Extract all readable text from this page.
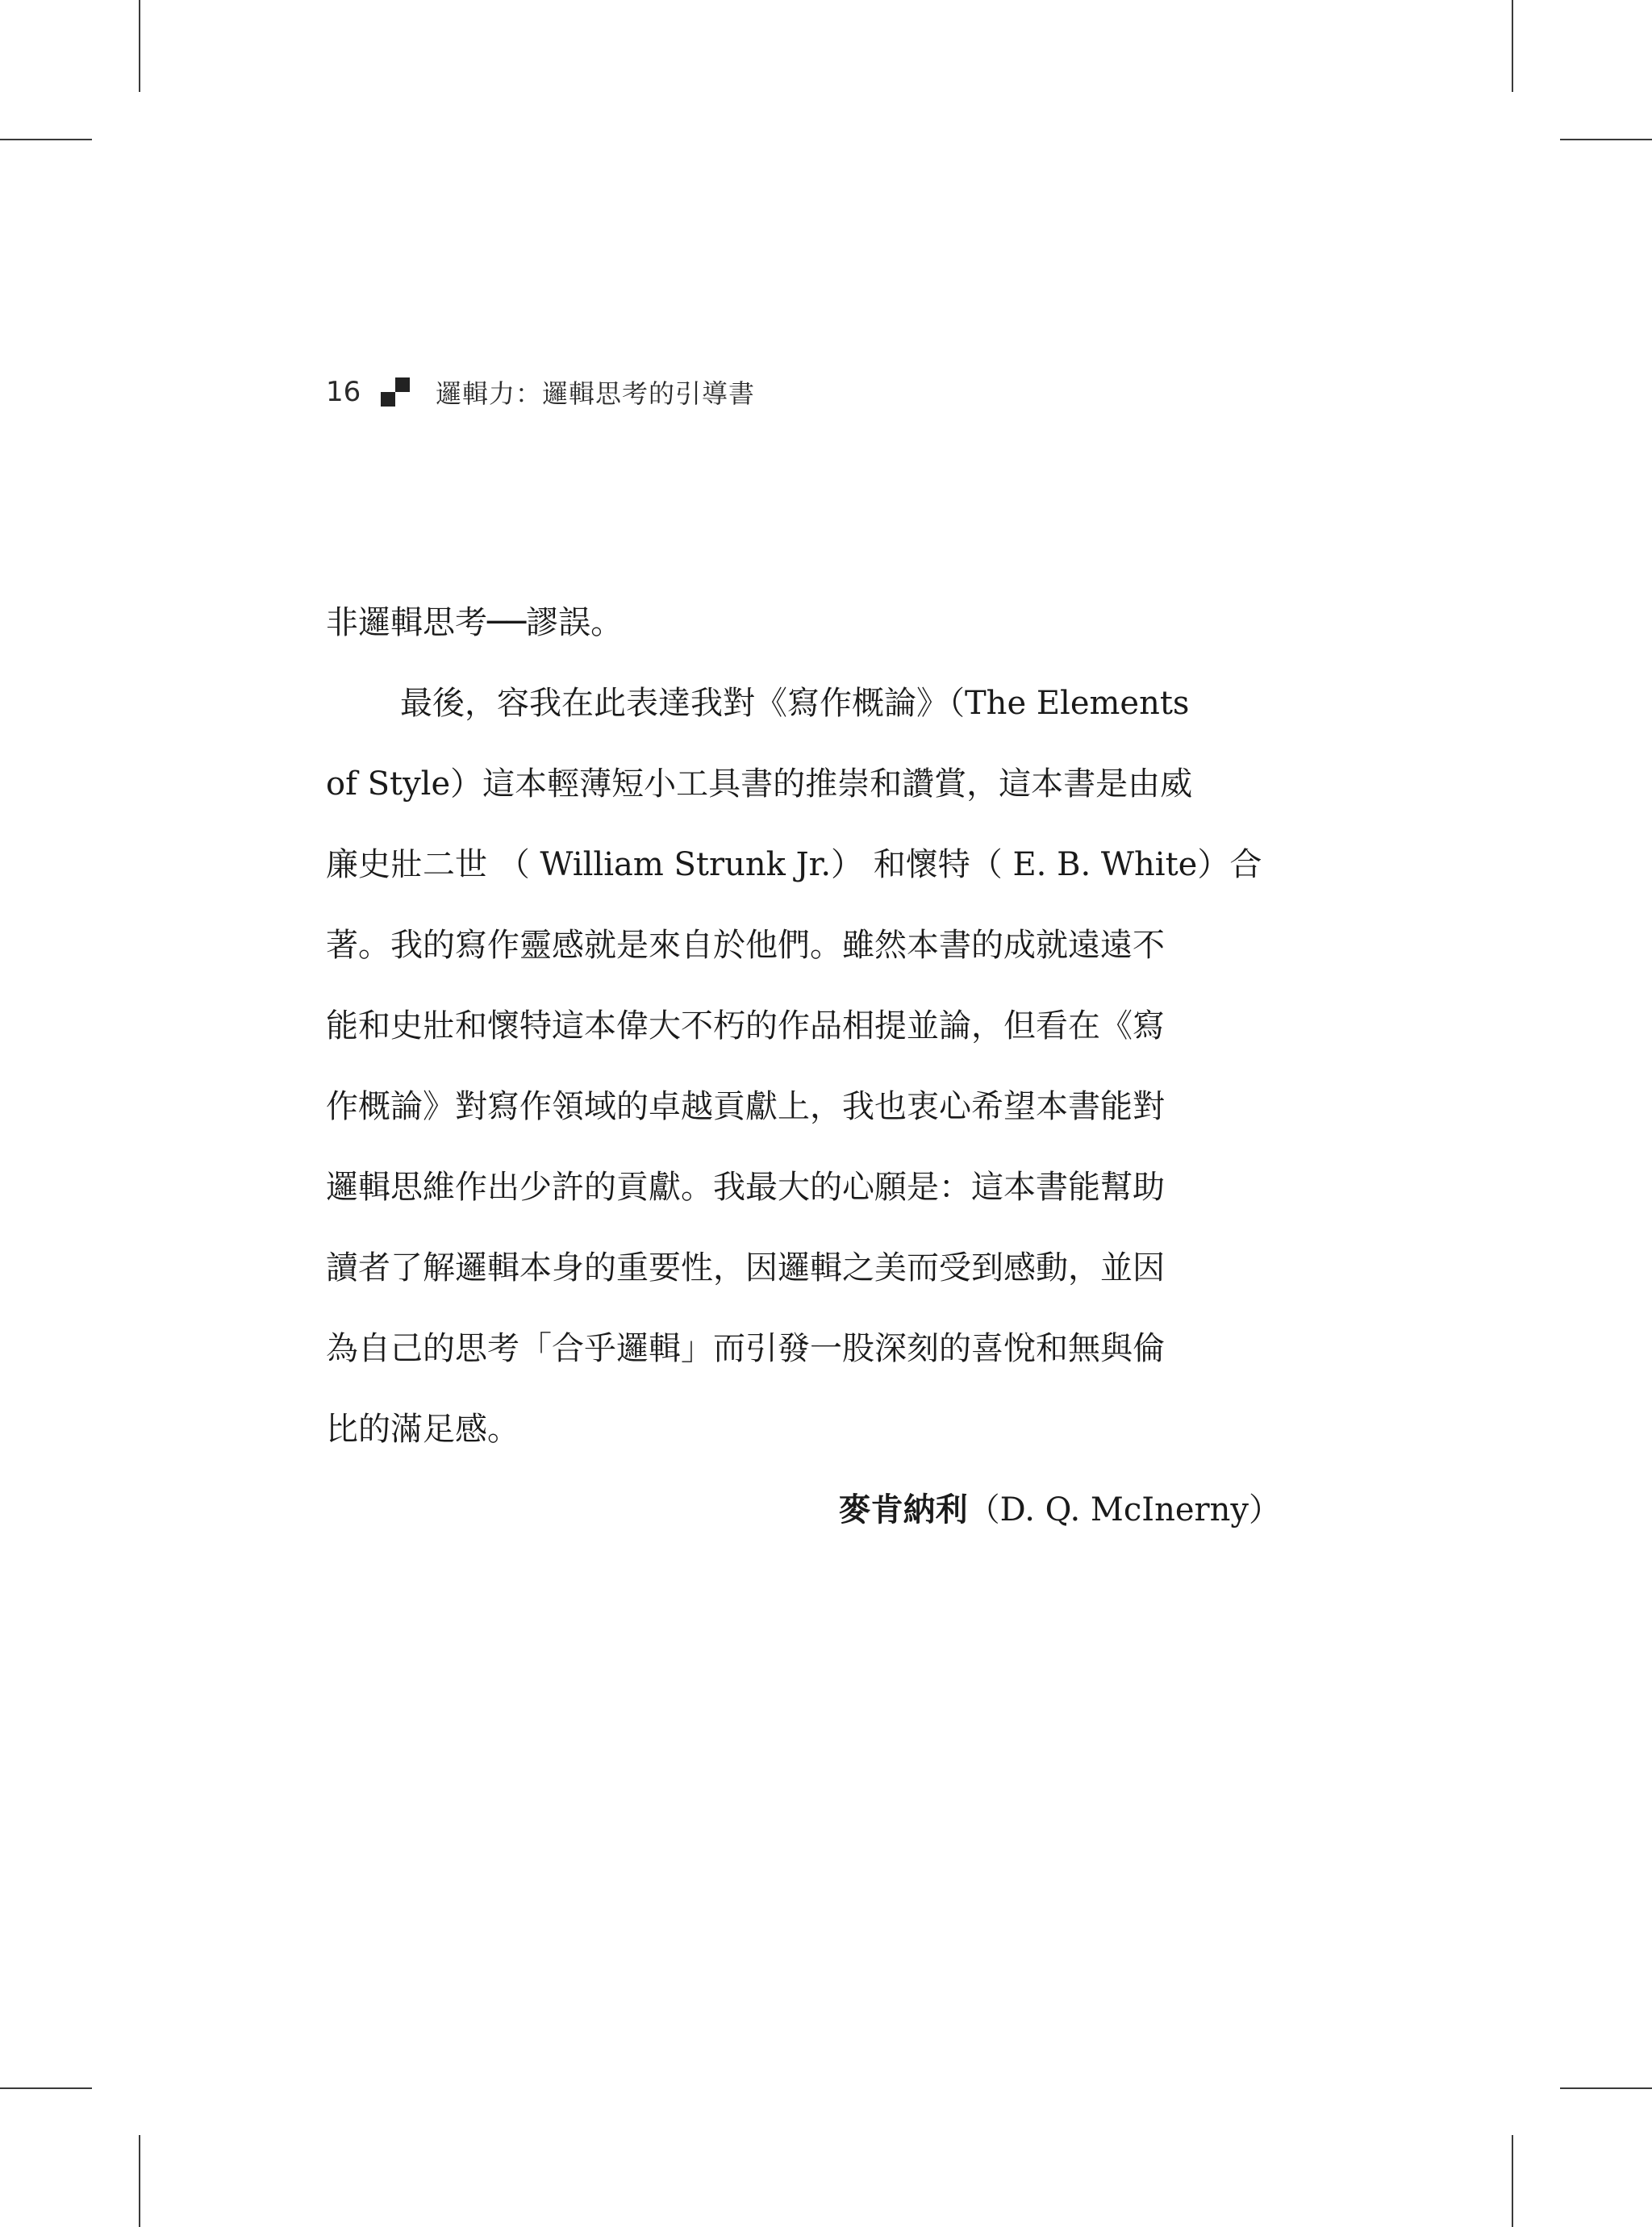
16	邏輯力：邏輯思考的引導書
非邏輯思考──謬誤。
最後，容我在此表達我對《寫作概論》（The Elements
of Style）這本輕薄短小工具書的推崇和讚賞，這本書是由威
廉史壯二世 （ William Strunk Jr.） 和懷特（ E. B. White）合
著。我的寫作靈感就是來自於他們。雖然本書的成就遠遠不
能和史壯和懷特這本偉大不朽的作品相提並論，但看在《寫
作概論》對寫作領域的卓越貢獻上，我也衷心希望本書能對
邏輯思維作出少許的貢獻。我最大的心願是：這本書能幫助
讀者了解邏輯本身的重要性，因邏輯之美而受到感動，並因
為自己的思考「合乎邏輯」而引發一股深刻的喜悅和無與倫
比的滿足感。
麥肯納利（D. Q. McInerny）
